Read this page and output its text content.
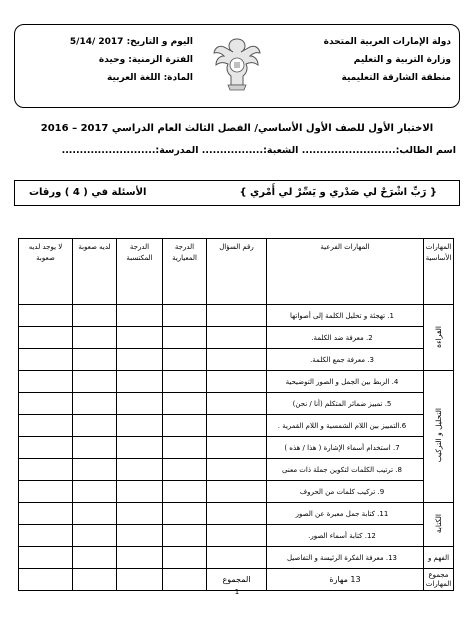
دولة الإمارات العربية المتحدة
وزارة التربية و التعليم
منطقة الشارقة التعليمية
اليوم و التاريخ: 2017 /5/14
الفترة الزمنية: وحيدة
المادة: اللغة العربية
الاختبار الأول للصف الأول الأساسي/ الفصل الثالث العام الدراسي 2017 – 2016
اسم الطالب:.......................... الشعبة:................. المدرسة:..........................
{ رَبِّ اشْرَحْ لي صَدْري و يَسِّرْ لي أَمْري }
الأسئلة في ( 4 ) ورقات
المهارات الأساسية	المهارات الفرعية	رقم السؤال	الدرجة المعيارية	الدرجة المكتسبة	لديه صعوبة	لا يوجد لديه صعوبة
القراءة	1. تهجئة و تحليل الكلمة إلى أصواتها					
	2. معرفة ضد الكلمة.					
	3. معرفة جمع الكلمة.					
التحليل و التركيب	4. الربط بين الجمل و الصور التوضيحية					
	5. تمييز ضمائر المتكلم (أنا / نحن)					
	6.التمييز بين اللام الشمسية و اللام القمرية .					
	7. استخدام أسماء الإشارة ( هذا / هذه )					
	8. ترتيب الكلمات لتكوين جملة ذات معنى					
	9. تركيب كلمات من الحروف					
الكتابة	11. كتابة جمل معبرة عن الصور					
	12. كتابة أسماء الصور.					
الفهم و	13. معرفة الفكرة الرئيسة و التفاصيل					
مجموع المهارات	13 مهارة	المجموع				
1
